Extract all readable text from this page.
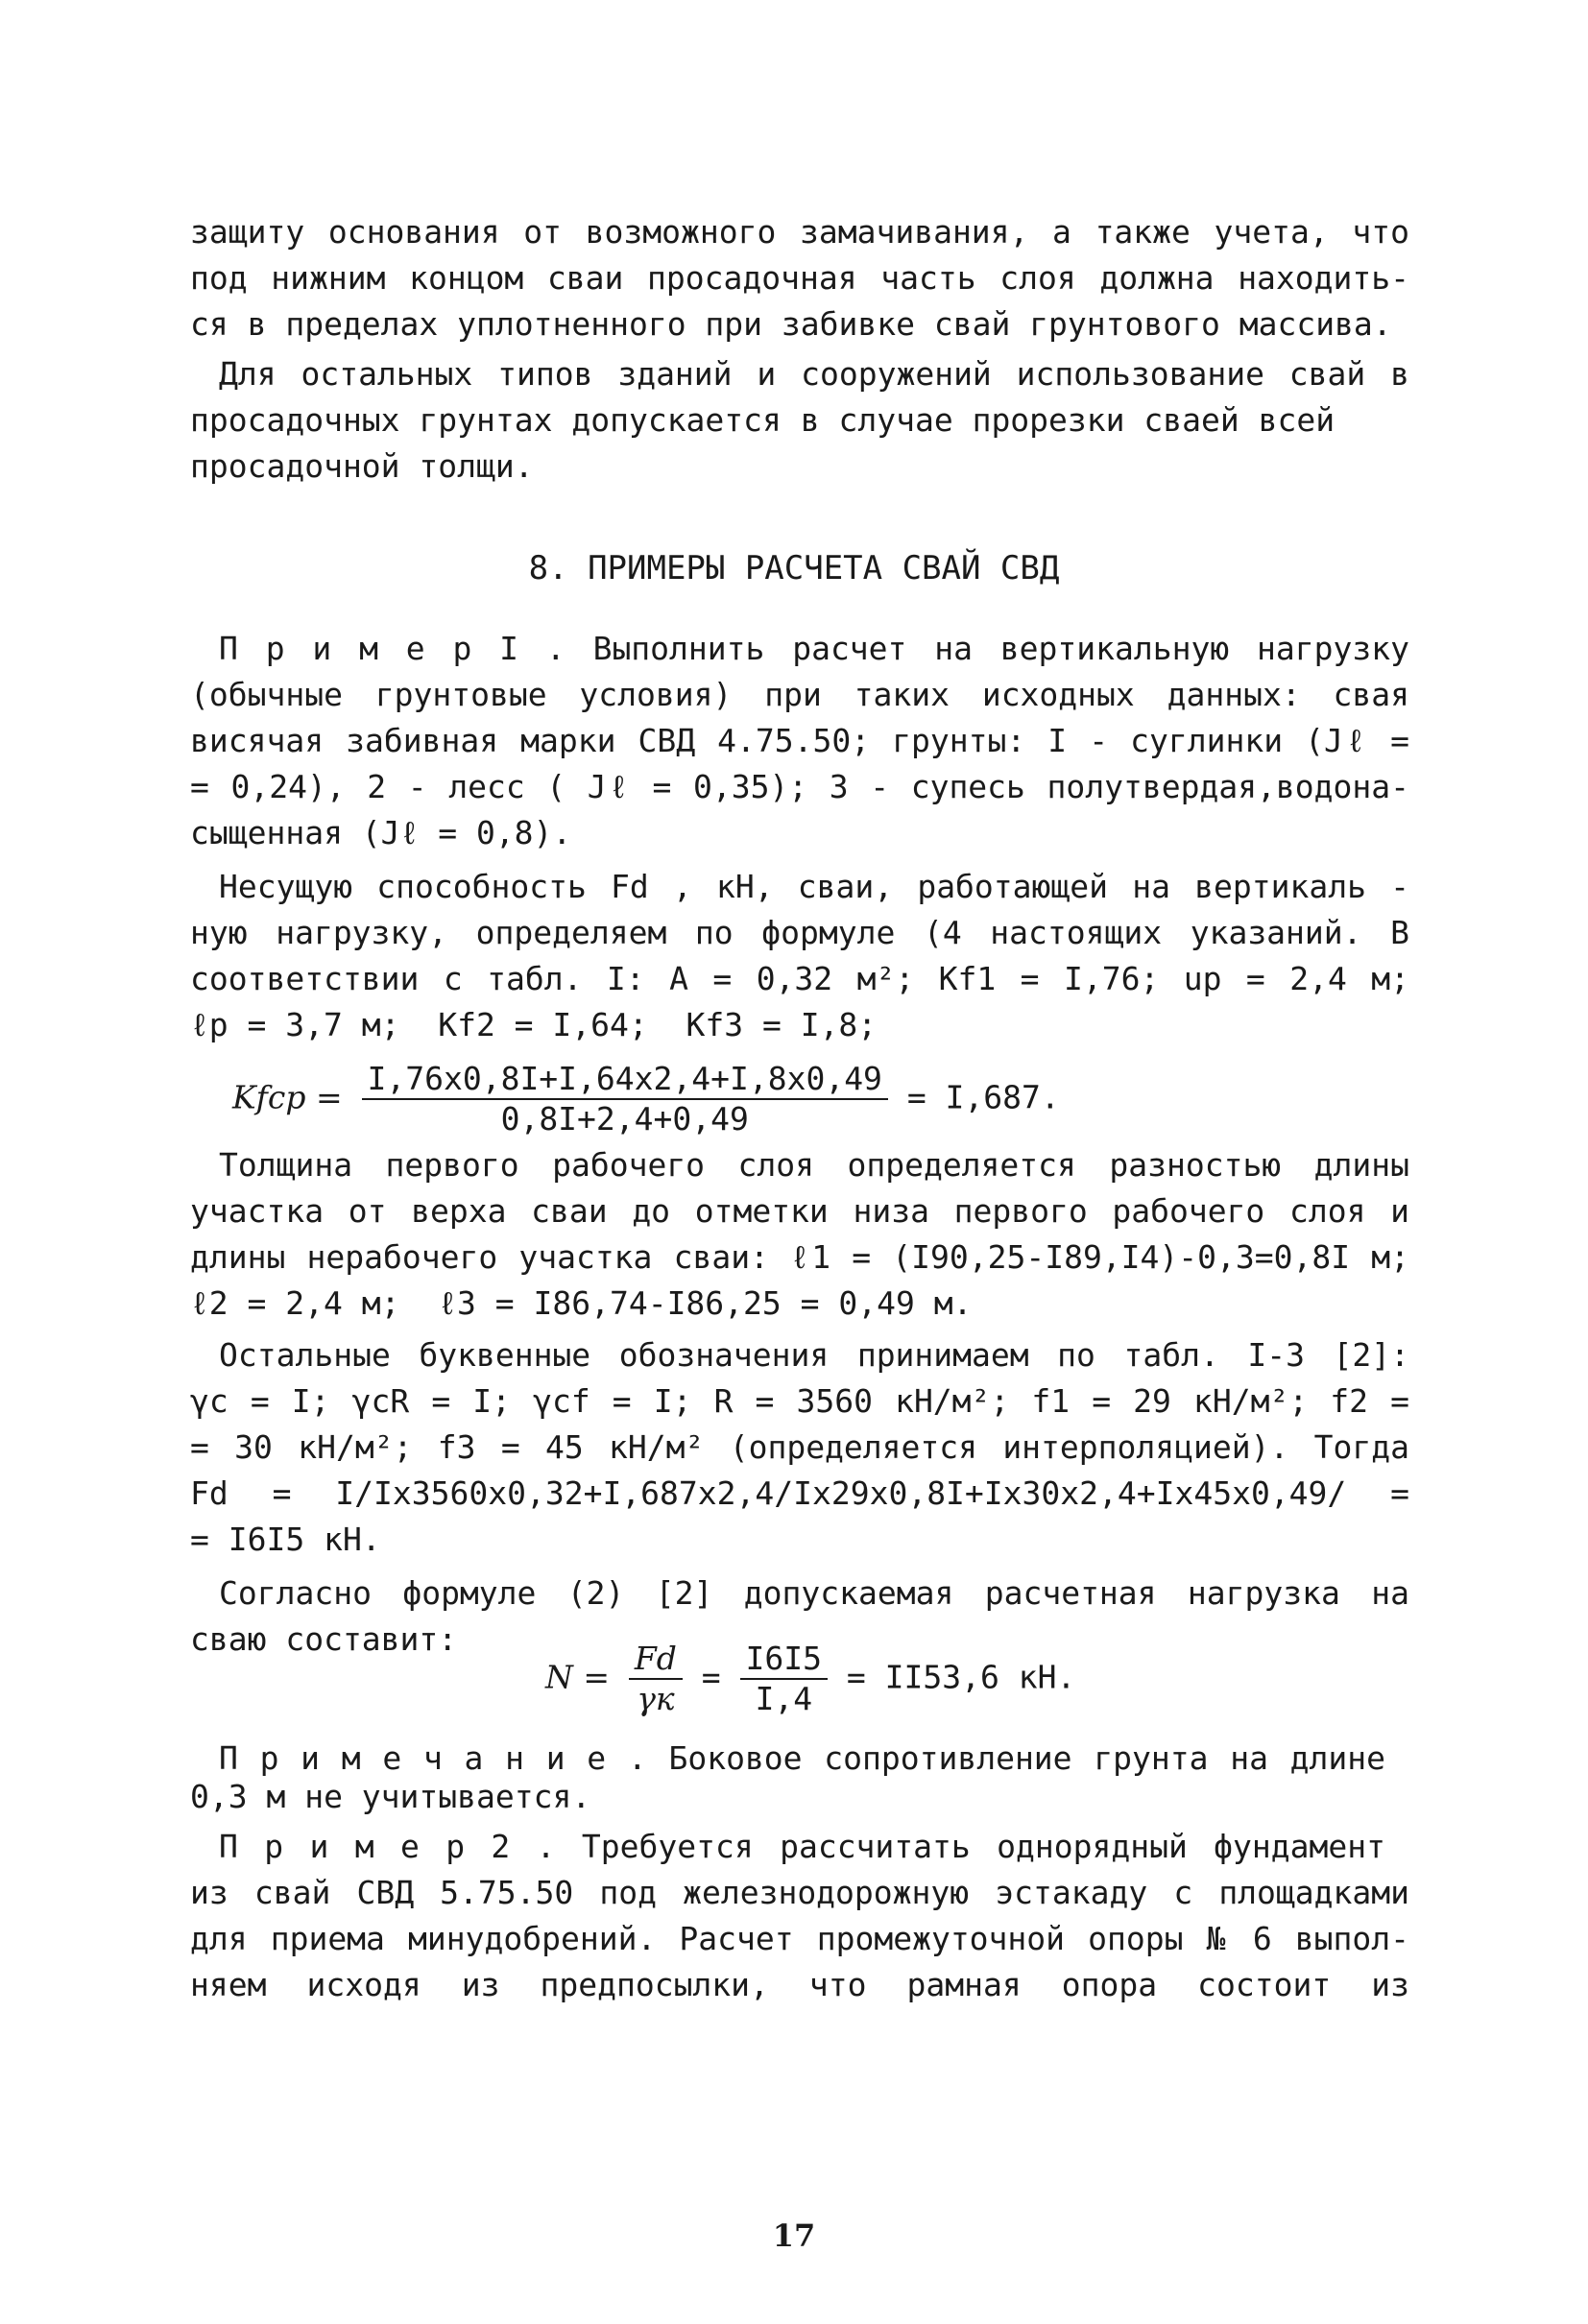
защиту основания от возможного замачивания, а также учета, что
под нижним концом сваи просадочная часть слоя должна находить-
ся в пределах уплотненного при забивке свай грунтового массива.
Для остальных типов зданий и сооружений использование свай в
просадочных грунтах допускается в случае прорезки сваей всей
просадочной толщи.
8. ПРИМЕРЫ РАСЧЕТА СВАЙ СВД
П р и м е р I . Выполнить расчет на вертикальную нагрузку
(обычные грунтовые условия) при таких исходных данных: свая
висячая забивная марки СВД 4.75.50; грунты: I - суглинки (Jℓ =
= 0,24), 2 - лесс ( Jℓ = 0,35); 3 - супесь полутвердая,водона-
сыщенная (Jℓ = 0,8).
Несущую способность Fd , кН, сваи, работающей на вертикаль -
ную нагрузку, определяем по формуле (4 настоящих указаний. В
соответствии с табл. I: A = 0,32 м²; Kf1 = I,76; up = 2,4 м;
ℓp = 3,7 м;  Kf2 = I,64;  Kf3 = I,8;
Kfcp = $\frac{I,76x0,8I+I,64x2,4+I,8x0,49}{0,8I+2,4+0,49} = I,687$.
Толщина первого рабочего слоя определяется разностью длины
участка от верха сваи до отметки низа первого рабочего слоя и
длины нерабочего участка сваи: ℓ1 = (I90,25-I89,I4)-0,3=0,8I м;
ℓ2 = 2,4 м;  ℓ3 = I86,74-I86,25 = 0,49 м.
Остальные буквенные обозначения принимаем по табл. I-3 [2]:
γc = I; γcR = I; γcf = I; R = 3560 кН/м²; f1 = 29 кН/м²; f2 =
= 30 кН/м²; f3 = 45 кН/м² (определяется интерполяцией). Тогда
Fd = I/Ix3560x0,32+I,687x2,4/Ix29x0,8I+Ix30x2,4+Ix45x0,49/ =
= I6I5 кН.
Согласно формуле (2) [2] допускаемая расчетная нагрузка на
сваю составит:
$N = \frac{Fd}{\gamma к} = \frac{I6I5}{I,4} = II53,6$ кН.
П р и м е ч а н и е . Боковое сопротивление грунта на длине
0,3 м не учитывается.
П р и м е р 2 . Требуется рассчитать однорядный фундамент
из свай СВД 5.75.50 под железнодорожную эстакаду с площадками
для приема минудобрений. Расчет промежуточной опоры № 6 выпол-
няем исходя из предпосылки, что рамная опора состоит из
17
